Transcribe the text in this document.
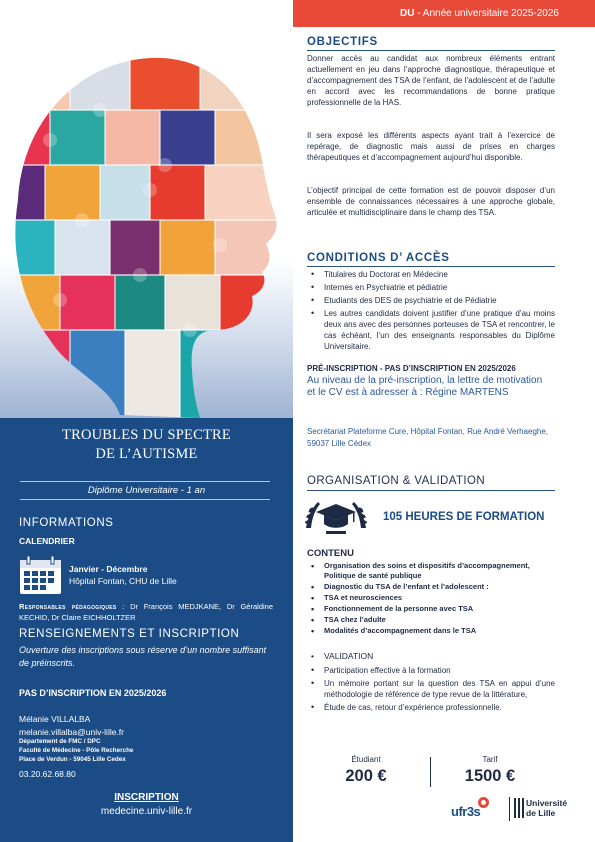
TROUBLES DU SPECTRE
DE L’AUTISME
Diplôme Universitaire - 1 an
INFORMATIONS
CALENDRIER
Janvier - Décembre
Hôpital Fontan, CHU de Lille
Responsables pédagogiques : Dr François MEDJKANE, Dr Géraldine KECHID, Dr Claire EICHHOLTZER
RENSEIGNEMENTS ET INSCRIPTION
Ouverture des inscriptions sous réserve d’un nombre suffisant de préinscrits.
PAS D’INSCRIPTION EN 2025/2026
Mélanie VILLALBA
melanie.villalba@univ-lille.fr
Département de FMC / DPC
Faculté de Médecine - Pôle Recherche
Place de Verdun - 59045 Lille Cedex
03.20.62.68.80
INSCRIPTION
medecine.univ-lille.fr
DU - Année universitaire 2025-2026
OBJECTIFS
Donner accès au candidat aux nombreux éléments entrant actuellement en jeu dans l’approche diagnostique, thérapeutique et d’accompagnement des TSA de l’enfant, de l’adolescent et de l’adulte en accord avec les recommandations de bonne pratique professionnelle de la HAS.
Il sera exposé les différents aspects ayant trait à l’exercice de repérage, de diagnostic mais aussi de prises en charges thérapeutiques et d’accompagnement aujourd’hui disponible.
L’objectif principal de cette formation est de pouvoir disposer d’un ensemble de connaissances nécessaires à une approche globale, articulée et multidisciplinaire dans le champ des TSA.
CONDITIONS D’ ACCÈS
• Titulaires du Doctorat en Médecine
• Internes en Psychiatrie et pédiatrie
• Etudiants des DES de psychiatrie et de Pédiatrie
• Les autres candidats doivent justifier d’une pratique d’au moins deux ans avec des personnes porteuses de TSA et rencontrer, le cas échéant, l’un des enseignants responsables du Diplôme Universitaire.
PRÉ-INSCRIPTION - PAS D’INSCRIPTION EN 2025/2026
Au niveau de la pré-inscription, la lettre de motivation et le CV est à adresser à : Régine MARTENS
Secrétariat Plateforme Cure, Hôpital Fontan, Rue André Verhaeghe, 59037 Lille Cédex
ORGANISATION & VALIDATION
105 HEURES DE FORMATION
CONTENU
• Organisation des soins et dispositifs d’accompagnement, Politique de santé publique
• Diagnostic du TSA de l’enfant et l’adolescent :
• TSA et neurosciences
• Fonctionnement de la personne avec TSA
• TSA chez l’adulte
• Modalités d’accompagnement dans le TSA
• VALIDATION
• Participation effective à la formation
• Un mémoire portant sur la question des TSA en appui d’une méthodologie de référence de type revue de la littérature,
• Étude de cas, retour d’expérience professionnelle.
Étudiant
200 €
Tarif
1500 €
ufr3s
Université
de Lille
